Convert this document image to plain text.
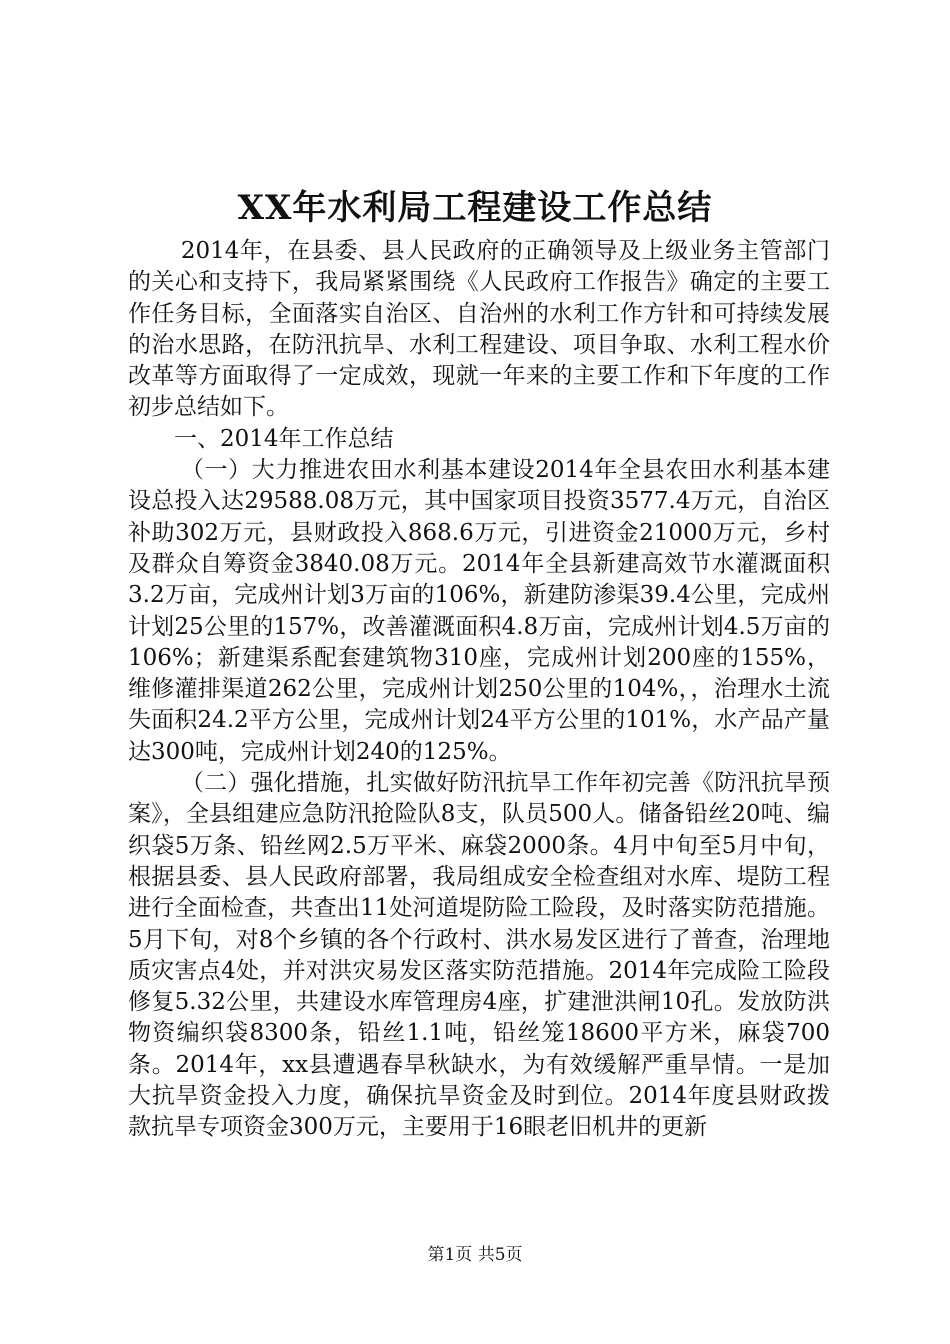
XX年水利局工程建设工作总结

2014年，在县委、县人民政府的正确领导及上级业务主管部门的关心和支持下，我局紧紧围绕《人民政府工作报告》确定的主要工作任务目标，全面落实自治区、自治州的水利工作方针和可持续发展的治水思路，在防汛抗旱、水利工程建设、项目争取、水利工程水价改革等方面取得了一定成效，现就一年来的主要工作和下年度的工作初步总结如下。

一、2014年工作总结

（一）大力推进农田水利基本建设2014年全县农田水利基本建设总投入达29588.08万元，其中国家项目投资3577.4万元，自治区补助302万元，县财政投入868.6万元，引进资金21000万元，乡村及群众自筹资金3840.08万元。2014年全县新建高效节水灌溉面积3.2万亩，完成州计划3万亩的106%，新建防渗渠39.4公里，完成州计划25公里的157%，改善灌溉面积4.8万亩，完成州计划4.5万亩的106%；新建渠系配套建筑物310座，完成州计划200座的155%，维修灌排渠道262公里，完成州计划250公里的104%，，治理水土流失面积24.2平方公里，完成州计划24平方公里的101%，水产品产量达300吨，完成州计划240的125%。

（二）强化措施，扎实做好防汛抗旱工作年初完善《防汛抗旱预案》，全县组建应急防汛抢险队8支，队员500人。储备铅丝20吨、编织袋5万条、铅丝网2.5万平米、麻袋2000条。4月中旬至5月中旬，根据县委、县人民政府部署，我局组成安全检查组对水库、堤防工程进行全面检查，共查出11处河道堤防险工险段，及时落实防范措施。5月下旬，对8个乡镇的各个行政村、洪水易发区进行了普查，治理地质灾害点4处，并对洪灾易发区落实防范措施。2014年完成险工险段修复5.32公里，共建设水库管理房4座，扩建泄洪闸10孔。发放防洪物资编织袋8300条，铅丝1.1吨，铅丝笼18600平方米，麻袋700条。2014年，xx县遭遇春旱秋缺水，为有效缓解严重旱情。一是加大抗旱资金投入力度，确保抗旱资金及时到位。2014年度县财政拨款抗旱专项资金300万元，主要用于16眼老旧机井的更新

第1页 共5页
